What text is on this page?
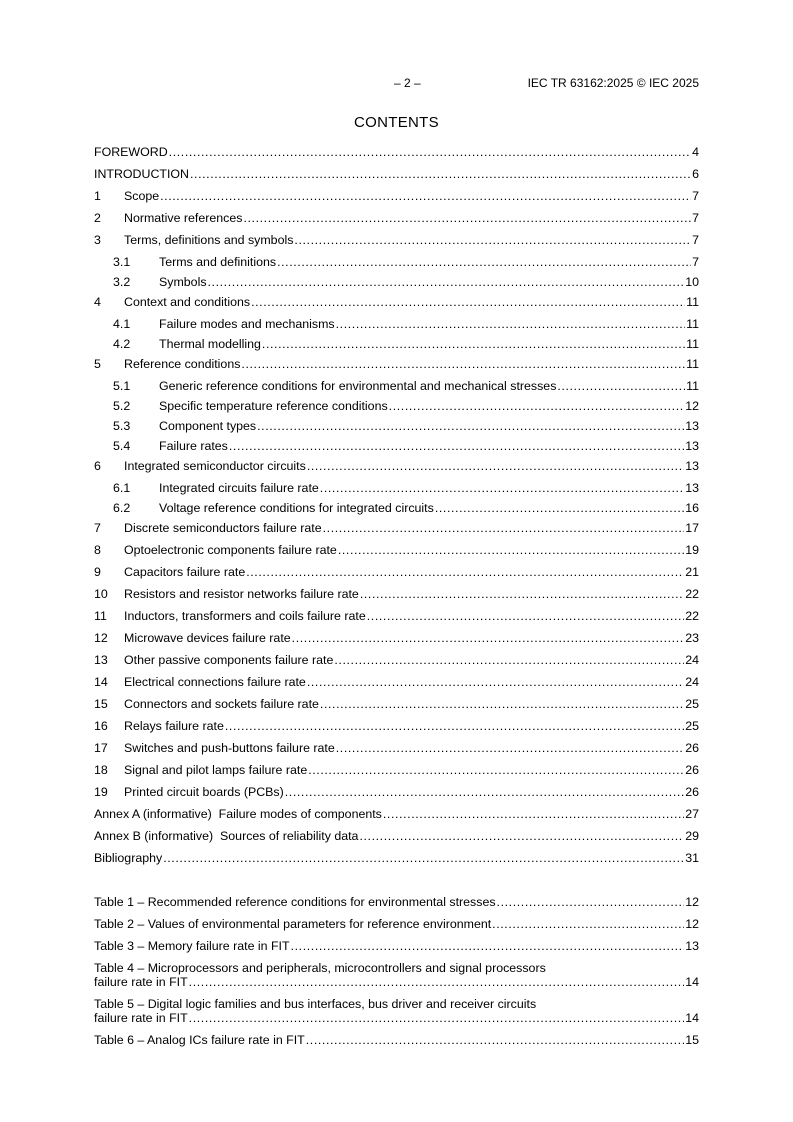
– 2 –	IEC TR 63162:2025 © IEC 2025
CONTENTS
FOREWORD .....	4
INTRODUCTION .....	6
1	Scope .....	7
2	Normative references .....	7
3	Terms, definitions and symbols .....	7
3.1	Terms and definitions .....	7
3.2	Symbols .....	10
4	Context and conditions .....	11
4.1	Failure modes and mechanisms .....	11
4.2	Thermal modelling .....	11
5	Reference conditions .....	11
5.1	Generic reference conditions for environmental and mechanical stresses .....	11
5.2	Specific temperature reference conditions .....	12
5.3	Component types .....	13
5.4	Failure rates .....	13
6	Integrated semiconductor circuits .....	13
6.1	Integrated circuits failure rate .....	13
6.2	Voltage reference conditions for integrated circuits .....	16
7	Discrete semiconductors failure rate .....	17
8	Optoelectronic components failure rate .....	19
9	Capacitors failure rate .....	21
10	Resistors and resistor networks failure rate .....	22
11	Inductors, transformers and coils failure rate .....	22
12	Microwave devices failure rate .....	23
13	Other passive components failure rate .....	24
14	Electrical connections failure rate .....	24
15	Connectors and sockets failure rate .....	25
16	Relays failure rate .....	25
17	Switches and push-buttons failure rate .....	26
18	Signal and pilot lamps failure rate .....	26
19	Printed circuit boards (PCBs) .....	26
Annex A (informative)  Failure modes of components .....	27
Annex B (informative)  Sources of reliability data .....	29
Bibliography .....	31
Table 1 – Recommended reference conditions for environmental stresses .....	12
Table 2 – Values of environmental parameters for reference environment .....	12
Table 3 – Memory failure rate in FIT .....	13
Table 4 – Microprocessors and peripherals, microcontrollers and signal processors
failure rate in FIT .....	14
Table 5 – Digital logic families and bus interfaces, bus driver and receiver circuits
failure rate in FIT .....	14
Table 6 – Analog ICs failure rate in FIT .....	15
